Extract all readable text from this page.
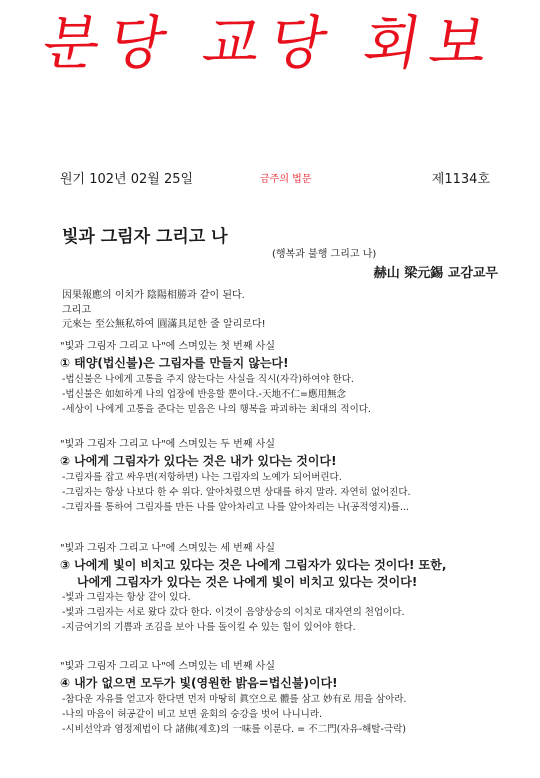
분당 교당 회보
원기 102년 02월 25일	금주의 법문	제1134호
빛과 그림자 그리고 나
(행복과 불행 그리고 나)
赫山 梁元錫 교감교무
因果報應의 이치가 陰陽相勝과 같이 된다.
그리고
元來는 至公無私하여 圓滿具足한 줄 알리로다!
"빛과 그림자 그리고 나"에 스며있는 첫 번째 사실
① 태양(법신불)은 그림자를 만들지 않는다!
-법신불은 나에게 고통을 주지 않는다는 사실을 직시(자각)하여야 한다.
-법신불은 如如하게 나의 업장에 반응할 뿐이다.-天地不仁=應用無念
-세상이 나에게 고통을 준다는 믿음은 나의 행복을 파괴하는 최대의 적이다.
"빛과 그림자 그리고 나"에 스며있는 두 번째 사실
② 나에게 그림자가 있다는 것은 내가 있다는 것이다!
-그림자를 잡고 싸우면(저항하면) 나는 그림자의 노예가 되어버린다.
-그림자는 항상 나보다 한 수 위다. 알아차렸으면 상대를 하지 말라. 자연히 없어진다.
-그림자를 통하여 그림자를 만든 나를 알아차리고 나를 알아차리는 나(공적영지)를...
"빛과 그림자 그리고 나"에 스며있는 세 번째 사실
③ 나에게 빛이 비치고 있다는 것은 나에게 그림자가 있다는 것이다! 또한,
나에게 그림자가 있다는 것은 나에게 빛이 비치고 있다는 것이다!
-빛과 그림자는 항상 같이 있다.
-빛과 그림자는 서로 왔다 갔다 한다. 이것이 음양상승의 이치로 대자연의 천업이다.
-지금여기의 기쁨과 조김을 보아 나를 돌이킬 수 있는 힘이 있어야 한다.
"빛과 그림자 그리고 나"에 스며있는 네 번째 사실
④ 내가 없으면 모두가 빛(영원한 밝음=법신불)이다!
-참다운 자유를 얻고자 한다면 먼저 마땅히 眞空으로 體를 삼고 妙有로 用을 삼아라.
-나의 마음이 허공같이 비고 보면 윤회의 숭강을 벗어 나니니라.
-시비선악과 염정제법이 다 諸佛(제호)의 一味를 이룬다. = 不二門(자유-해탈-극락)
